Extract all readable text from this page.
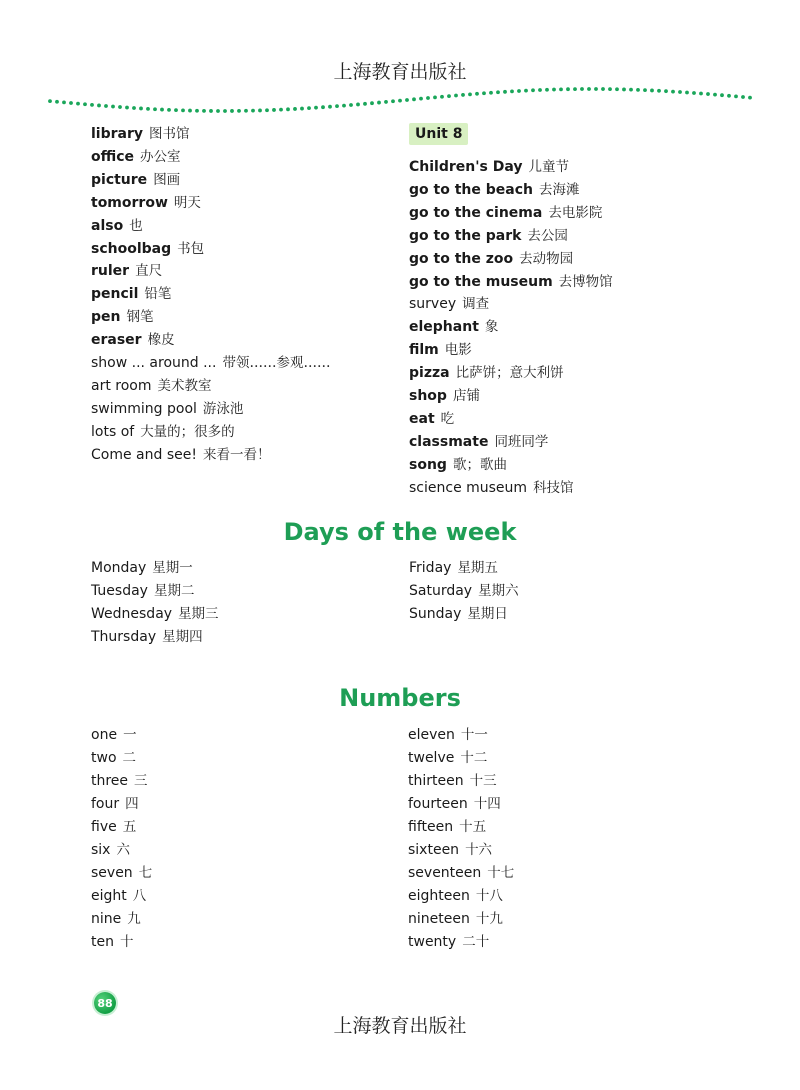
上海教育出版社
library 图书馆
office 办公室
picture 图画
tomorrow 明天
also 也
schoolbag 书包
ruler 直尺
pencil 铅笔
pen 钢笔
eraser 橡皮
show ... around ... 带领……参观……
art room 美术教室
swimming pool 游泳池
lots of 大量的；很多的
Come and see! 来看一看！
Unit 8
Children's Day 儿童节
go to the beach 去海滩
go to the cinema 去电影院
go to the park 去公园
go to the zoo 去动物园
go to the museum 去博物馆
survey 调查
elephant 象
film 电影
pizza 比萨饼；意大利饼
shop 店铺
eat 吃
classmate 同班同学
song 歌；歌曲
science museum 科技馆
Days of the week
Monday 星期一
Tuesday 星期二
Wednesday 星期三
Thursday 星期四
Friday 星期五
Saturday 星期六
Sunday 星期日
Numbers
one 一
two 二
three 三
four 四
five 五
six 六
seven 七
eight 八
nine 九
ten 十
eleven 十一
twelve 十二
thirteen 十三
fourteen 十四
fifteen 十五
sixteen 十六
seventeen 十七
eighteen 十八
nineteen 十九
twenty 二十
88
上海教育出版社
